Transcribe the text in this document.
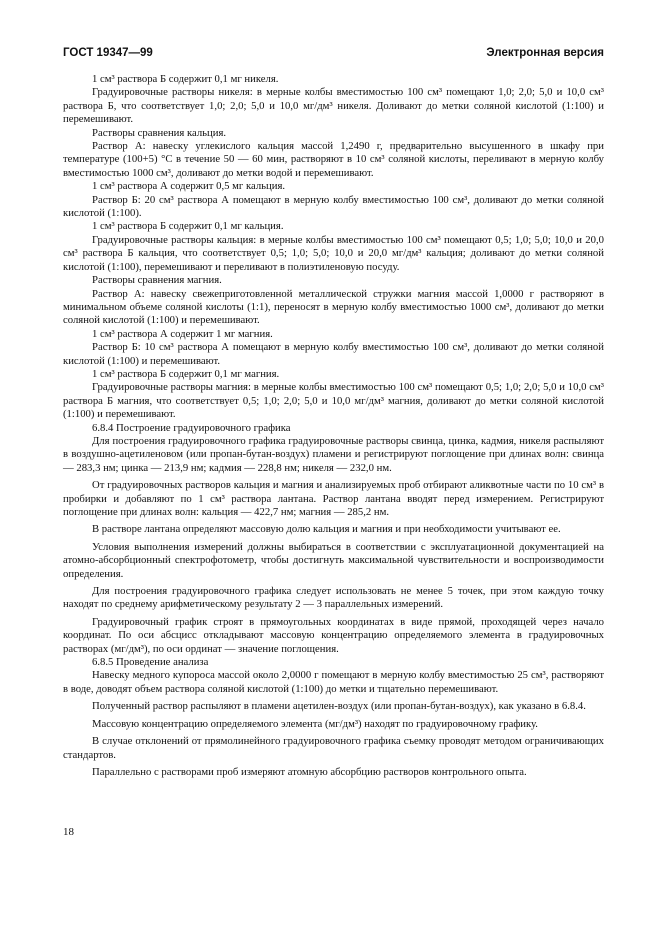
ГОСТ 19347—99	Электронная версия

1 см³ раствора Б содержит 0,1 мг никеля.

Градуировочные растворы никеля: в мерные колбы вместимостью 100 см³ помещают 1,0; 2,0; 5,0 и 10,0 см³ раствора Б, что соответствует 1,0; 2,0; 5,0 и 10,0 мг/дм³ никеля. Доливают до метки соляной кислотой (1:100) и перемешивают.

Растворы сравнения кальция.

Раствор А: навеску углекислого кальция массой 1,2490 г, предварительно высушенного в шкафу при температуре (100+5) °С в течение 50 — 60 мин, растворяют в 10 см³ соляной кислоты, переливают в мерную колбу вместимостью 1000 см³, доливают до метки водой и перемешивают.

1 см³ раствора А содержит 0,5 мг кальция.

Раствор Б: 20 см³ раствора А помещают в мерную колбу вместимостью 100 см³, доливают до метки соляной кислотой (1:100).

1 см³ раствора Б содержит 0,1 мг кальция.

Градуировочные растворы кальция: в мерные колбы вместимостью 100 см³ помещают 0,5; 1,0; 5,0; 10,0 и 20,0 см³ раствора Б кальция, что соответствует 0,5; 1,0; 5,0; 10,0 и 20,0 мг/дм³ кальция; доливают до метки соляной кислотой (1:100), перемешивают и переливают в полиэтиленовую посуду.

Растворы сравнения магния.

Раствор А: навеску свежеприготовленной металлической стружки магния массой 1,0000 г растворяют в минимальном объеме соляной кислоты (1:1), переносят в мерную колбу вместимостью 1000 см³, доливают до метки соляной кислотой (1:100) и перемешивают.

1 см³ раствора А содержит 1 мг магния.

Раствор Б: 10 см³ раствора А помещают в мерную колбу вместимостью 100 см³, доливают до метки соляной кислотой (1:100) и перемешивают.

1 см³ раствора Б содержит 0,1 мг магния.

Градуировочные растворы магния: в мерные колбы вместимостью 100 см³ помещают 0,5; 1,0; 2,0; 5,0 и 10,0 см³ раствора Б магния, что соответствует 0,5; 1,0; 2,0; 5,0 и 10,0 мг/дм³ магния, доливают до метки соляной кислотой (1:100) и перемешивают.

6.8.4 Построение градуировочного графика

Для построения градуировочного графика градуировочные растворы свинца, цинка, кадмия, никеля распыляют в воздушно-ацетиленовом (или пропан-бутан-воздух) пламени и регистрируют поглощение при длинах волн: свинца — 283,3 нм; цинка — 213,9 нм; кадмия — 228,8 нм; никеля — 232,0 нм.

От градуировочных растворов кальция и магния и анализируемых проб отбирают аликвотные части по 10 см³ в пробирки и добавляют по 1 см³ раствора лантана. Раствор лантана вводят перед измерением. Регистрируют поглощение при длинах волн: кальция — 422,7 нм; магния — 285,2 нм.

В растворе лантана определяют массовую долю кальция и магния и при необходимости учитывают ее.

Условия выполнения измерений должны выбираться в соответствии с эксплуатационной документацией на атомно-абсорбционный спектрофотометр, чтобы достигнуть максимальной чувствительности и воспроизводимости определения.

Для построения градуировочного графика следует использовать не менее 5 точек, при этом каждую точку находят по среднему арифметическому результату 2 — 3 параллельных измерений.

Градуировочный график строят в прямоугольных координатах в виде прямой, проходящей через начало координат. По оси абсцисс откладывают массовую концентрацию определяемого элемента в градуировочных растворах (мг/дм³), по оси ординат — значение поглощения.

6.8.5 Проведение анализа

Навеску медного купороса массой около 2,0000 г помещают в мерную колбу вместимостью 25 см³, растворяют в воде, доводят объем раствора соляной кислотой (1:100) до метки и тщательно перемешивают.

Полученный раствор распыляют в пламени ацетилен-воздух (или пропан-бутан-воздух), как указано в 6.8.4.

Массовую концентрацию определяемого элемента (мг/дм³) находят по градуировочному графику.

В случае отклонений от прямолинейного градуировочного графика съемку проводят методом ограничивающих стандартов.

Параллельно с растворами проб измеряют атомную абсорбцию растворов контрольного опыта.

18
